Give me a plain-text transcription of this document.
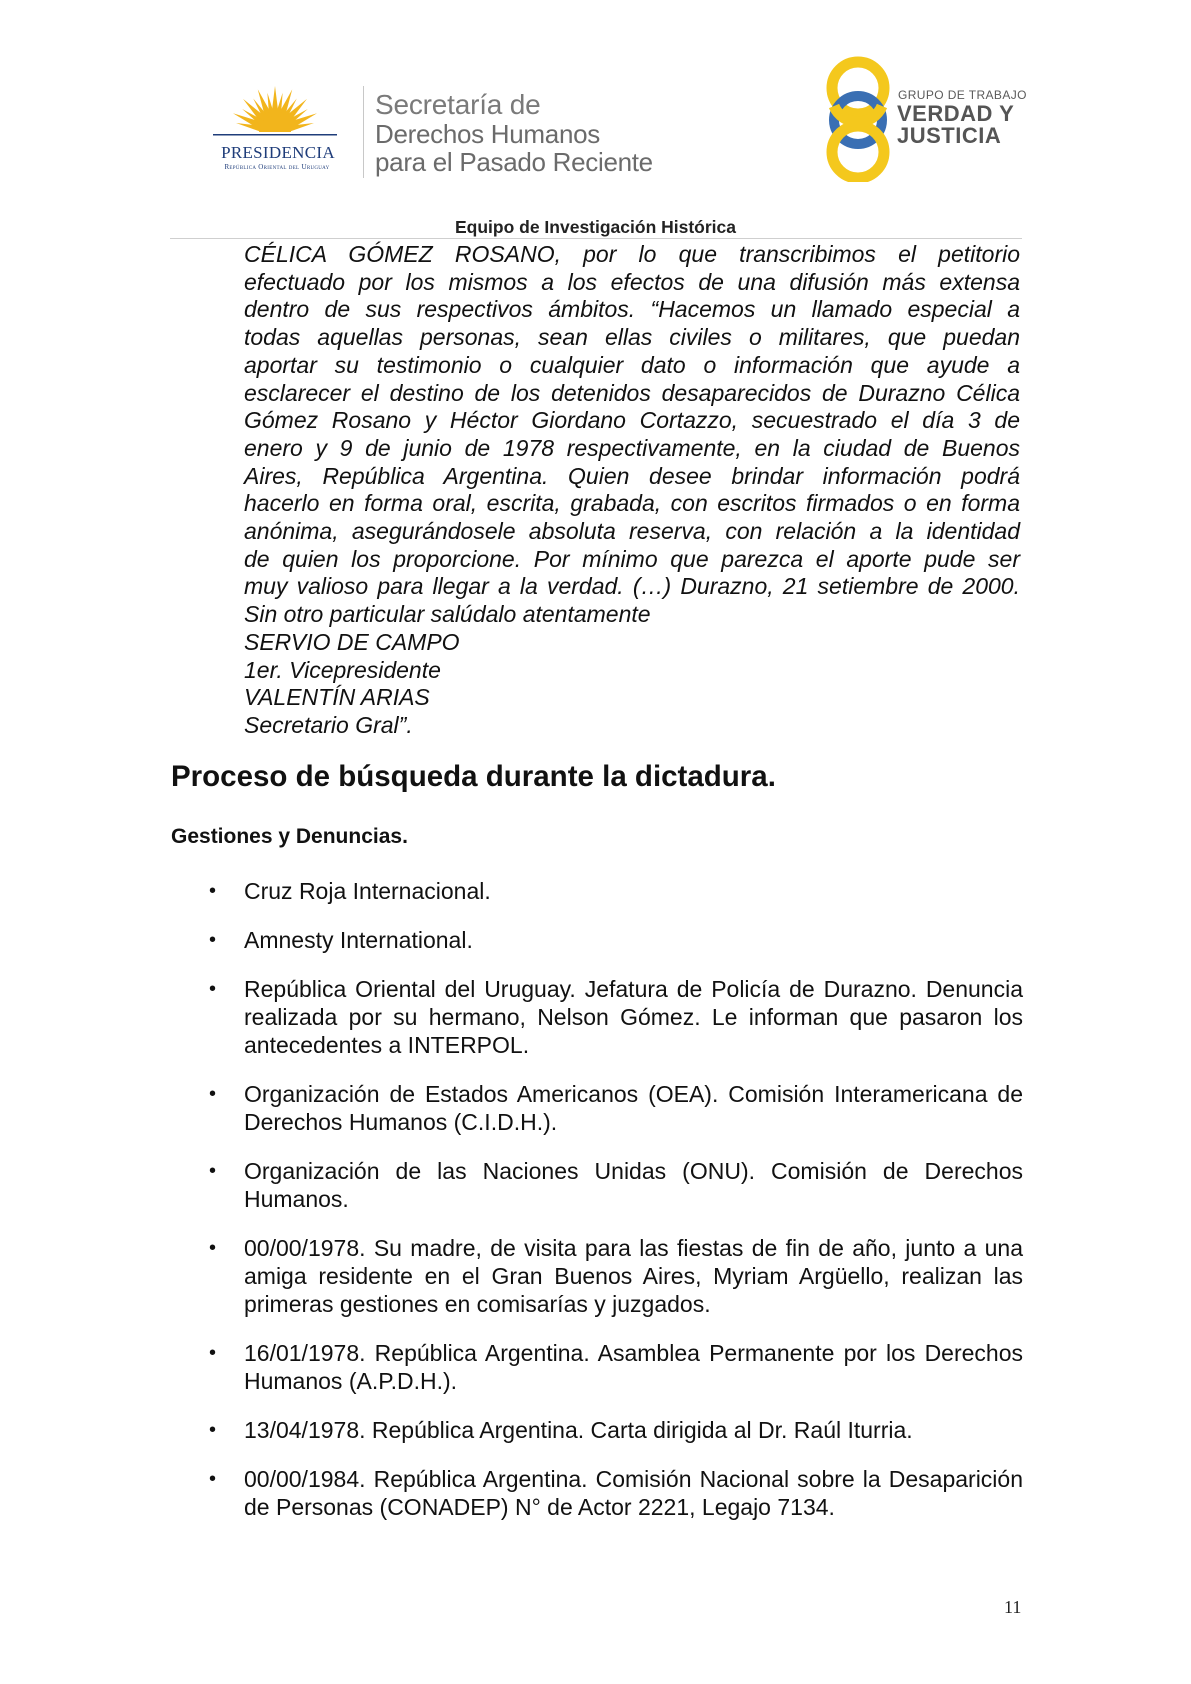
PRESIDENCIA
República Oriental del Uruguay
Secretaría de
Derechos Humanos
para el Pasado Reciente
GRUPO DE TRABAJO
VERDAD Y
JUSTICIA
Equipo de Investigación Histórica
CÉLICA GÓMEZ ROSANO, por lo que transcribimos el petitorio
efectuado por los mismos a los efectos de una difusión más extensa
dentro de sus respectivos ámbitos. “Hacemos un llamado especial a
todas aquellas personas, sean ellas civiles o militares, que puedan
aportar su testimonio o cualquier dato o información que ayude a
esclarecer el destino de los detenidos desaparecidos de Durazno Célica
Gómez Rosano y Héctor Giordano Cortazzo, secuestrado el día 3 de
enero y 9 de junio de 1978 respectivamente, en la ciudad de Buenos
Aires, República Argentina. Quien desee brindar información podrá
hacerlo en forma oral, escrita, grabada, con escritos firmados o en forma
anónima, asegurándosele absoluta reserva, con relación a la identidad
de quien los proporcione. Por mínimo que parezca el aporte pude ser
muy valioso para llegar a la verdad. (…) Durazno, 21 setiembre de 2000.
Sin otro particular salúdalo atentamente
SERVIO DE CAMPO
1er. Vicepresidente
VALENTÍN ARIAS
Secretario Gral”.
Proceso de búsqueda durante la dictadura.
Gestiones y Denuncias.
• Cruz Roja Internacional.
• Amnesty International.
• República Oriental del Uruguay. Jefatura de Policía de Durazno. Denuncia realizada por su hermano, Nelson Gómez. Le informan que pasaron los antecedentes a INTERPOL.
• Organización de Estados Americanos (OEA). Comisión Interamericana de Derechos Humanos (C.I.D.H.).
• Organización de las Naciones Unidas (ONU). Comisión de Derechos Humanos.
• 00/00/1978. Su madre, de visita para las fiestas de fin de año, junto a una amiga residente en el Gran Buenos Aires, Myriam Argüello, realizan las primeras gestiones en comisarías y juzgados.
• 16/01/1978. República Argentina. Asamblea Permanente por los Derechos Humanos (A.P.D.H.).
• 13/04/1978. República Argentina. Carta dirigida al Dr. Raúl Iturria.
• 00/00/1984. República Argentina. Comisión Nacional sobre la Desaparición de Personas (CONADEP) N° de Actor 2221, Legajo 7134.
11
